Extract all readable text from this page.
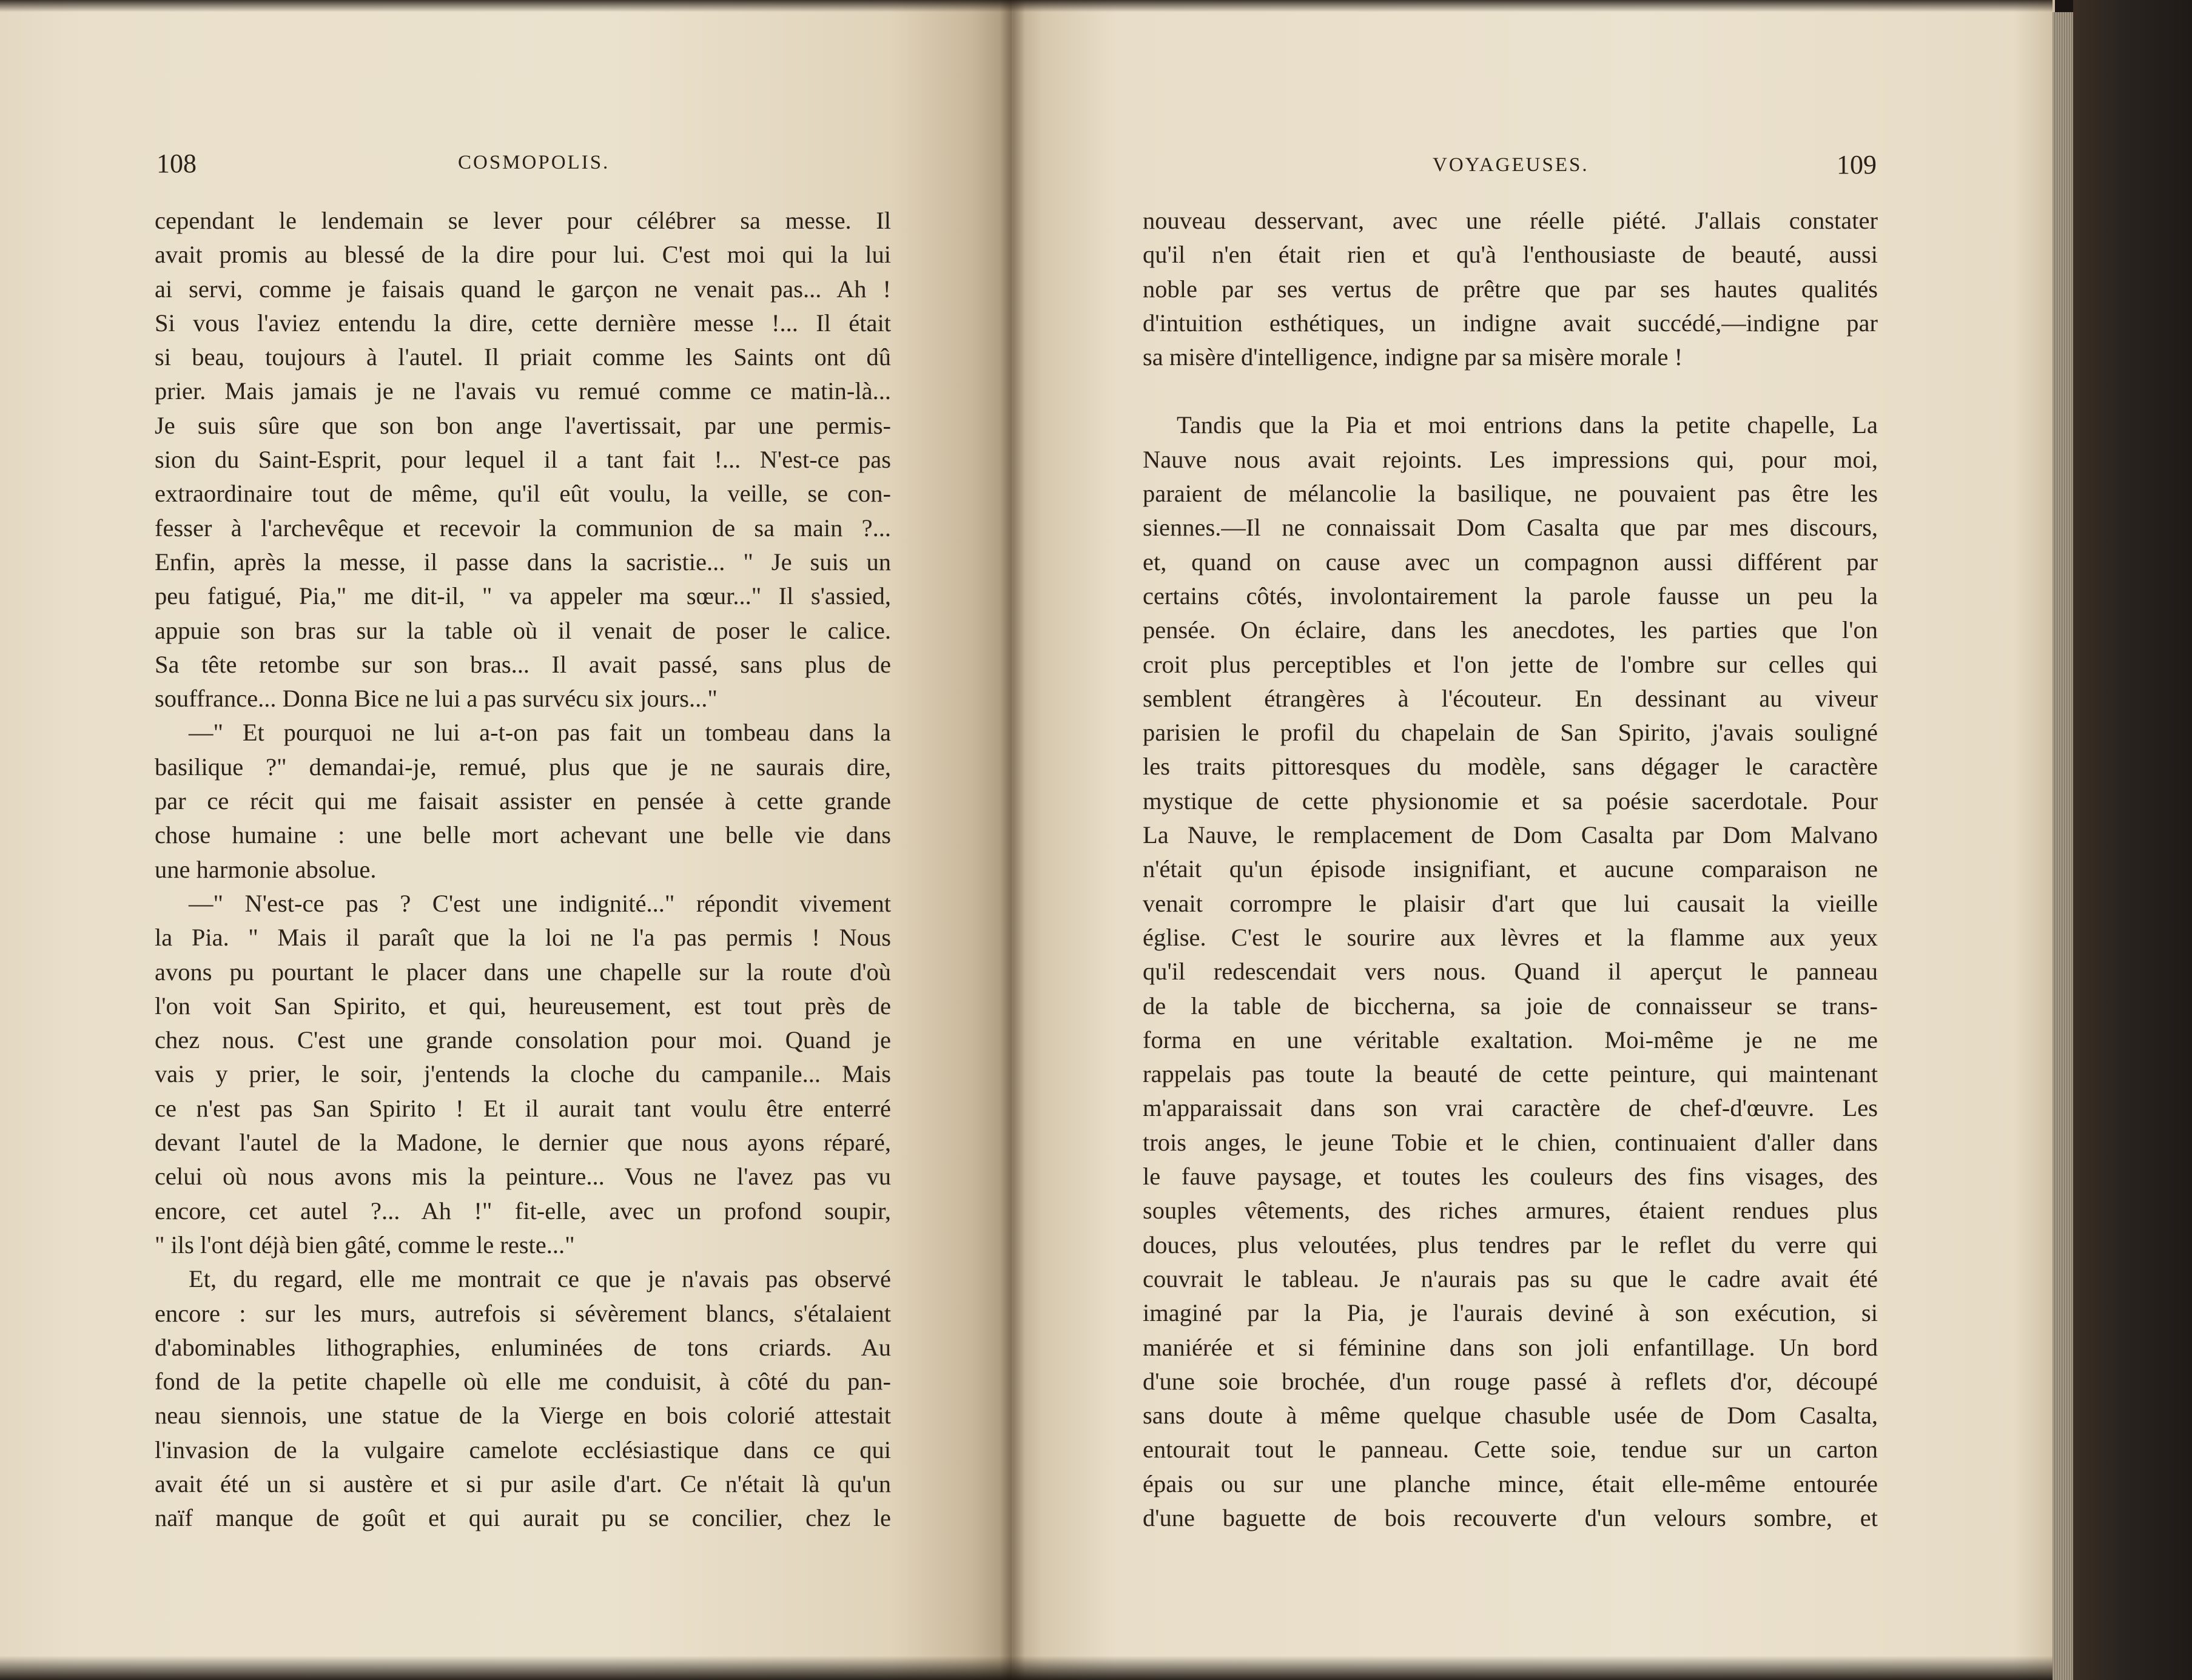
108	COSMOPOLIS.	VOYAGEUSES.	109
cependant le lendemain se lever pour célébrer sa messe. Il
avait promis au blessé de la dire pour lui. C'est moi qui la lui
ai servi, comme je faisais quand le garçon ne venait pas... Ah !
Si vous l'aviez entendu la dire, cette dernière messe !... Il était
si beau, toujours à l'autel. Il priait comme les Saints ont dû
prier. Mais jamais je ne l'avais vu remué comme ce matin-là...
Je suis sûre que son bon ange l'avertissait, par une permis-
sion du Saint-Esprit, pour lequel il a tant fait !... N'est-ce pas
extraordinaire tout de même, qu'il eût voulu, la veille, se con-
fesser à l'archevêque et recevoir la communion de sa main ?...
Enfin, après la messe, il passe dans la sacristie... " Je suis un
peu fatigué, Pia," me dit-il, " va appeler ma sœur..." Il s'assied,
appuie son bras sur la table où il venait de poser le calice.
Sa tête retombe sur son bras... Il avait passé, sans plus de
souffrance... Donna Bice ne lui a pas survécu six jours..."
—" Et pourquoi ne lui a-t-on pas fait un tombeau dans la
basilique ?" demandai-je, remué, plus que je ne saurais dire,
par ce récit qui me faisait assister en pensée à cette grande
chose humaine : une belle mort achevant une belle vie dans
une harmonie absolue.
—" N'est-ce pas ? C'est une indignité..." répondit vivement
la Pia. " Mais il paraît que la loi ne l'a pas permis ! Nous
avons pu pourtant le placer dans une chapelle sur la route d'où
l'on voit San Spirito, et qui, heureusement, est tout près de
chez nous. C'est une grande consolation pour moi. Quand je
vais y prier, le soir, j'entends la cloche du campanile... Mais
ce n'est pas San Spirito ! Et il aurait tant voulu être enterré
devant l'autel de la Madone, le dernier que nous ayons réparé,
celui où nous avons mis la peinture... Vous ne l'avez pas vu
encore, cet autel ?... Ah !" fit-elle, avec un profond soupir,
" ils l'ont déjà bien gâté, comme le reste..."
Et, du regard, elle me montrait ce que je n'avais pas observé
encore : sur les murs, autrefois si sévèrement blancs, s'étalaient
d'abominables lithographies, enluminées de tons criards. Au
fond de la petite chapelle où elle me conduisit, à côté du pan-
neau siennois, une statue de la Vierge en bois colorié attestait
l'invasion de la vulgaire camelote ecclésiastique dans ce qui
avait été un si austère et si pur asile d'art. Ce n'était là qu'un
naïf manque de goût et qui aurait pu se concilier, chez le
nouveau desservant, avec une réelle piété. J'allais constater
qu'il n'en était rien et qu'à l'enthousiaste de beauté, aussi
noble par ses vertus de prêtre que par ses hautes qualités
d'intuition esthétiques, un indigne avait succédé,—indigne par
sa misère d'intelligence, indigne par sa misère morale !
Tandis que la Pia et moi entrions dans la petite chapelle, La
Nauve nous avait rejoints. Les impressions qui, pour moi,
paraient de mélancolie la basilique, ne pouvaient pas être les
siennes.—Il ne connaissait Dom Casalta que par mes discours,
et, quand on cause avec un compagnon aussi différent par
certains côtés, involontairement la parole fausse un peu la
pensée. On éclaire, dans les anecdotes, les parties que l'on
croit plus perceptibles et l'on jette de l'ombre sur celles qui
semblent étrangères à l'écouteur. En dessinant au viveur
parisien le profil du chapelain de San Spirito, j'avais souligné
les traits pittoresques du modèle, sans dégager le caractère
mystique de cette physionomie et sa poésie sacerdotale. Pour
La Nauve, le remplacement de Dom Casalta par Dom Malvano
n'était qu'un épisode insignifiant, et aucune comparaison ne
venait corrompre le plaisir d'art que lui causait la vieille
église. C'est le sourire aux lèvres et la flamme aux yeux
qu'il redescendait vers nous. Quand il aperçut le panneau
de la table de biccherna, sa joie de connaisseur se trans-
forma en une véritable exaltation. Moi-même je ne me
rappelais pas toute la beauté de cette peinture, qui maintenant
m'apparaissait dans son vrai caractère de chef-d'œuvre. Les
trois anges, le jeune Tobie et le chien, continuaient d'aller dans
le fauve paysage, et toutes les couleurs des fins visages, des
souples vêtements, des riches armures, étaient rendues plus
douces, plus veloutées, plus tendres par le reflet du verre qui
couvrait le tableau. Je n'aurais pas su que le cadre avait été
imaginé par la Pia, je l'aurais deviné à son exécution, si
maniérée et si féminine dans son joli enfantillage. Un bord
d'une soie brochée, d'un rouge passé à reflets d'or, découpé
sans doute à même quelque chasuble usée de Dom Casalta,
entourait tout le panneau. Cette soie, tendue sur un carton
épais ou sur une planche mince, était elle-même entourée
d'une baguette de bois recouverte d'un velours sombre, et
